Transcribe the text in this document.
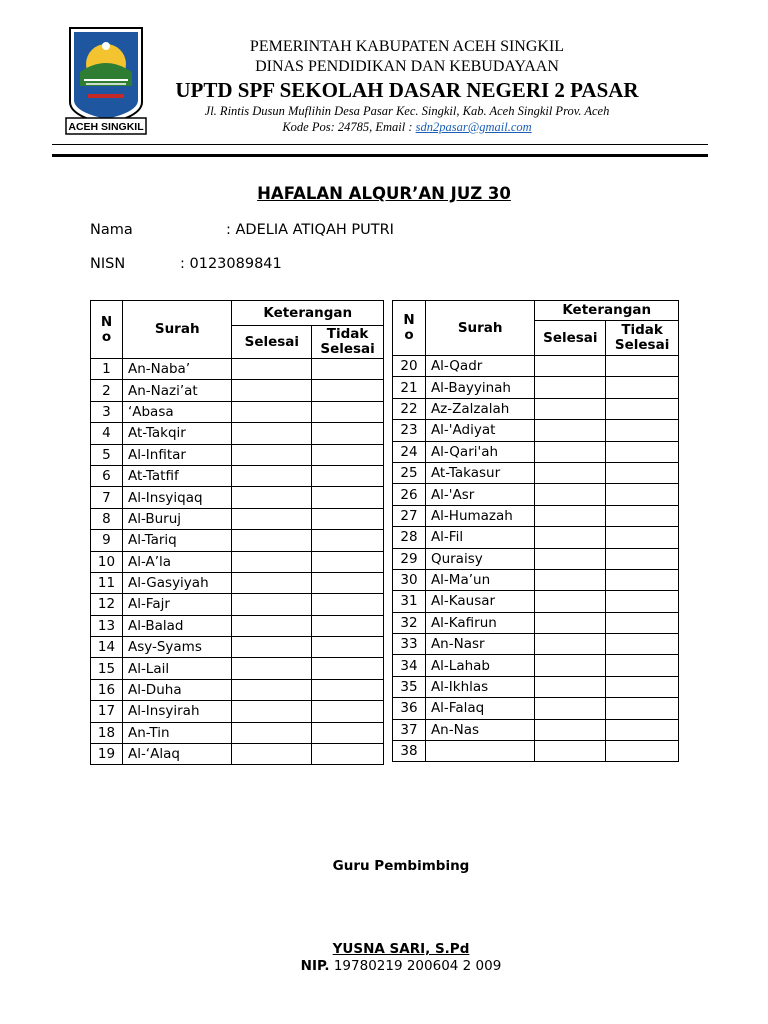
ACEH SINGKIL
PEMERINTAH KABUPATEN ACEH SINGKIL
DINAS PENDIDIKAN DAN KEBUDAYAAN
UPTD SPF SEKOLAH DASAR NEGERI 2 PASAR
Jl. Rintis Dusun Muflihin Desa Pasar Kec. Singkil, Kab. Aceh Singkil Prov. Aceh
Kode Pos: 24785, Email : sdn2pasar@gmail.com
HAFALAN ALQUR’AN JUZ 30
Nama	: ADELIA ATIQAH PUTRI
NISN	: 0123089841
N o	Surah	Keterangan	
		Selesai	Tidak Selesai
1	An-Naba’		
2	An-Nazi’at		
3	‘Abasa		
4	At-Takqir		
5	Al-Infitar		
6	At-Tatfif		
7	Al-Insyiqaq		
8	Al-Buruj		
9	Al-Tariq		
10	Al-A’la		
11	Al-Gasyiyah		
12	Al-Fajr		
13	Al-Balad		
14	Asy-Syams		
15	Al-Lail		
16	Al-Duha		
17	Al-Insyirah		
18	An-Tin		
19	Al-‘Alaq		
N o	Surah	Keterangan	
		Selesai	Tidak Selesai
20	Al-Qadr		
21	Al-Bayyinah		
22	Az-Zalzalah		
23	Al-'Adiyat		
24	Al-Qari'ah		
25	At-Takasur		
26	Al-'Asr		
27	Al-Humazah		
28	Al-Fil		
29	Quraisy		
30	Al-Ma’un		
31	Al-Kausar		
32	Al-Kafirun		
33	An-Nasr		
34	Al-Lahab		
35	Al-Ikhlas		
36	Al-Falaq		
37	An-Nas		
38			
Guru Pembimbing
YUSNA SARI, S.Pd
NIP. 19780219 200604 2 009
